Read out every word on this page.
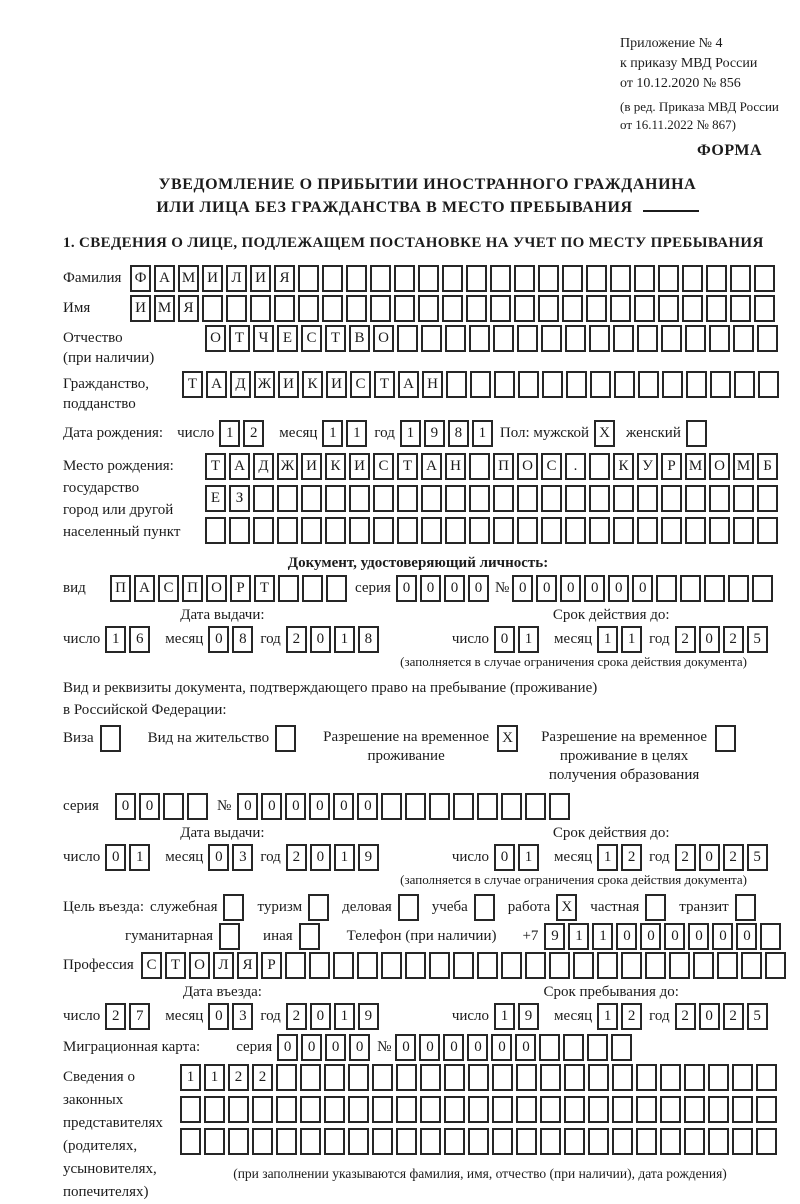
Приложение № 4
к приказу МВД России
от 10.12.2020 № 856
(в ред. Приказа МВД России
от 16.11.2022 № 867)
ФОРМА
УВЕДОМЛЕНИЕ О ПРИБЫТИИ ИНОСТРАННОГО ГРАЖДАНИНА
ИЛИ ЛИЦА БЕЗ ГРАЖДАНСТВА В МЕСТО ПРЕБЫВАНИЯ
1. СВЕДЕНИЯ О ЛИЦЕ, ПОДЛЕЖАЩЕМ ПОСТАНОВКЕ НА УЧЕТ ПО МЕСТУ ПРЕБЫВАНИЯ
Фамилия Ф А М И Л И Я
Имя	И М Я
Отчество
(при наличии)
О Т Ч Е С Т В О
Гражданство,
подданство
Т А Д Ж И К И С Т А Н
Дата рождения: число 1	2	месяц 1	1 год 1	9	8	1 Пол: мужской X	женский
Место рождения:
государство
город или другой
населенный пункт
Т А Д Ж И К И С Т А Н	П О С	.	К У Р М О М Б
Е	З
Документ, удостоверяющий личность:
вид	П А С П О Р	Т	серия 0	0	0	0 № 0	0	0	0	0	0
Дата выдачи:
число 1	6	месяц 0	8 год 2	0	1	8
Срок действия до:
число 0	1	месяц 1	1 год 2	0	2	5
(заполняется в случае ограничения срока действия документа)
Вид и реквизиты документа, подтверждающего право на пребывание (проживание)
в Российской Федерации:
Виза	Вид на жительство	Разрешение на временное
проживание
X	Разрешение на временное
проживание в целях
получения образования
серия	0	0	№ 0	0	0	0	0	0
Дата выдачи:
число 0	1	месяц 0	3 год 2	0	1	9
Срок действия до:
число 0	1	месяц 1	2 год 2	0	2	5
(заполняется в случае ограничения срока действия документа)
Цель въезда: служебная	туризм	деловая	учеба	работа X	частная	транзит
гуманитарная	иная	Телефон (при наличии) +7 9	1	1	0	0	0	0	0	0
Профессия С Т О Л Я Р
Дата въезда:
число 2	7	месяц 0	3 год 2	0	1	9
Срок пребывания до:
число 1	9	месяц 1	2 год 2	0	2	5
Миграционная карта: серия 0	0	0	0 № 0	0	0	0	0	0
Сведения о
законных
представителях
(родителях,
усыновителях,
попечителях)
1	1	2	2
(при заполнении указываются фамилия, имя, отчество (при наличии), дата рождения)
